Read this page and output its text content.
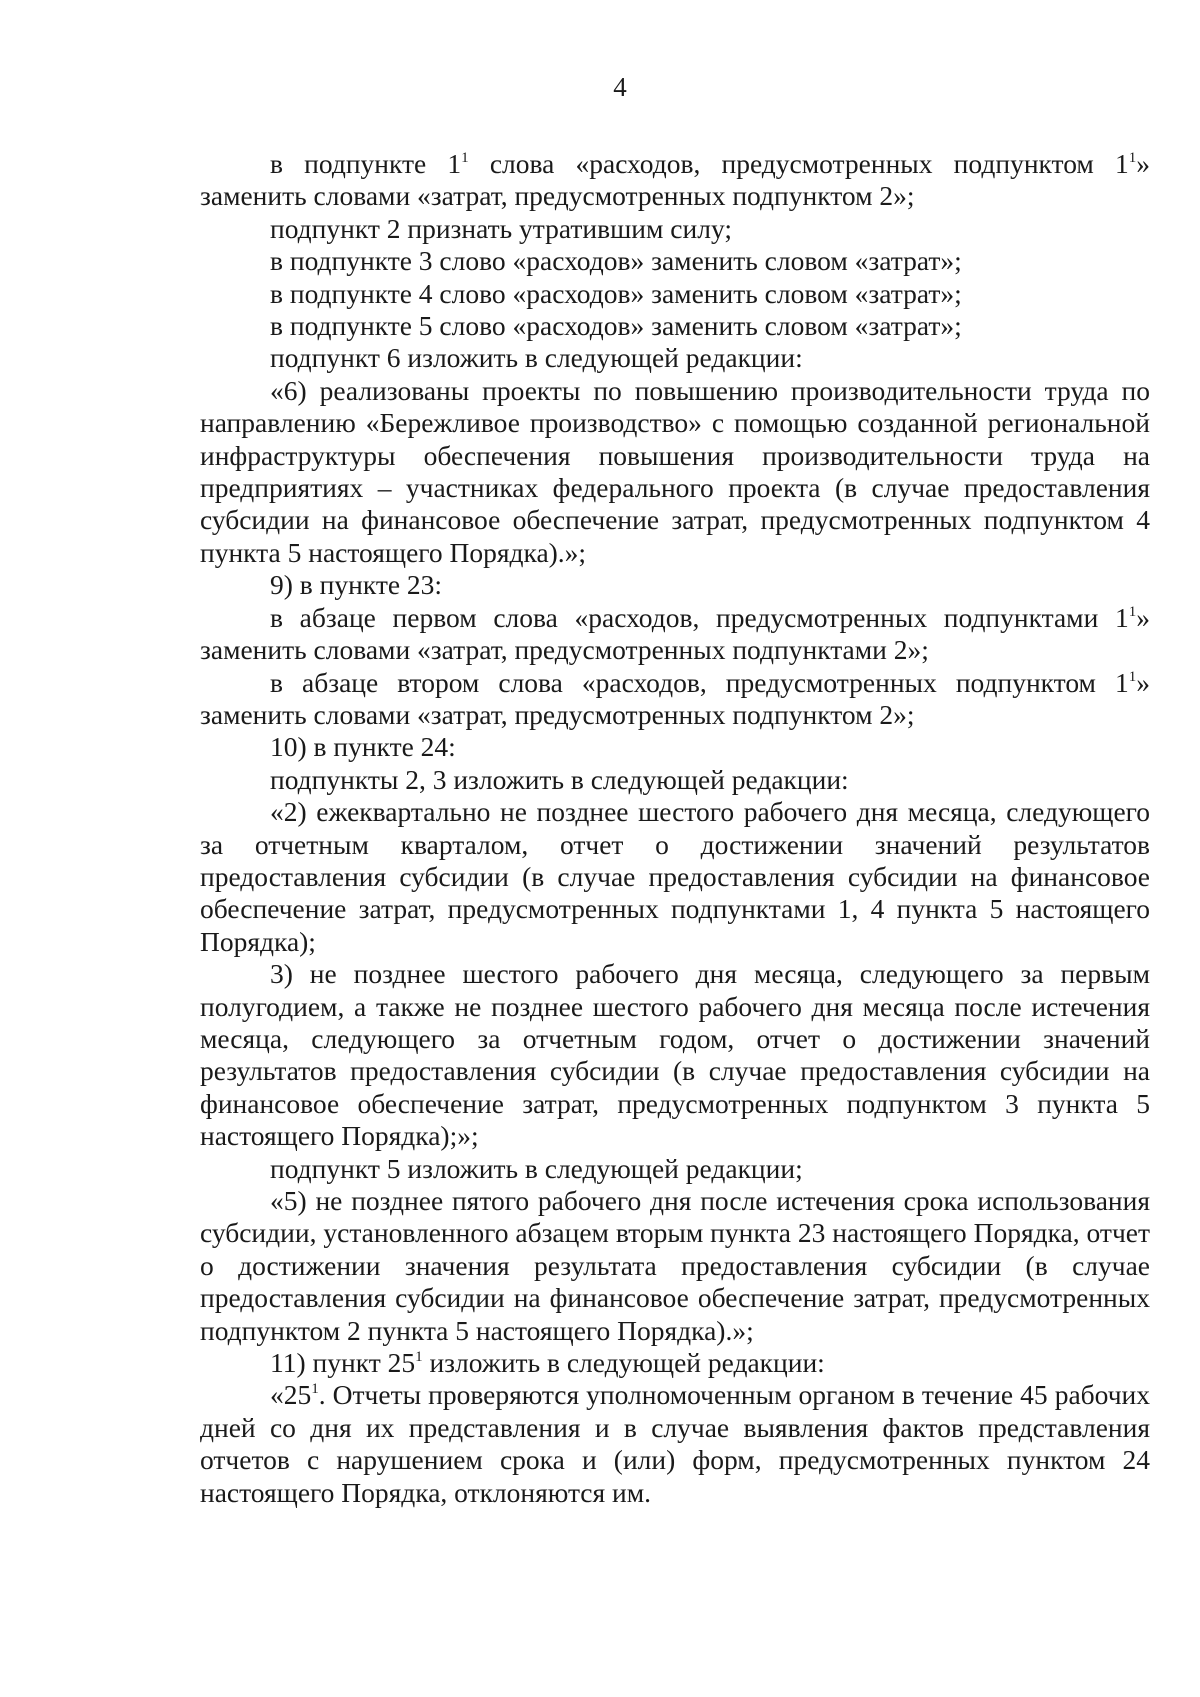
4

в подпункте $1^1$ слова «расходов, предусмотренных подпунктом $1^1$» заменить словами «затрат, предусмотренных подпунктом 2»;

подпункт 2 признать утратившим силу;

в подпункте 3 слово «расходов» заменить словом «затрат»;

в подпункте 4 слово «расходов» заменить словом «затрат»;

в подпункте 5 слово «расходов» заменить словом «затрат»;

подпункт 6 изложить в следующей редакции:

«6) реализованы проекты по повышению производительности труда по направлению «Бережливое производство» с помощью созданной региональной инфраструктуры обеспечения повышения производительности труда на предприятиях – участниках федерального проекта (в случае предоставления субсидии на финансовое обеспечение затрат, предусмотренных подпунктом 4 пункта 5 настоящего Порядка).»;

9) в пункте 23:

в абзаце первом слова «расходов, предусмотренных подпунктами $1^1$» заменить словами «затрат, предусмотренных подпунктами 2»;

в абзаце втором слова «расходов, предусмотренных подпунктом $1^1$» заменить словами «затрат, предусмотренных подпунктом 2»;

10) в пункте 24:

подпункты 2, 3 изложить в следующей редакции:

«2) ежеквартально не позднее шестого рабочего дня месяца, следующего за отчетным кварталом, отчет о достижении значений результатов предоставления субсидии (в случае предоставления субсидии на финансовое обеспечение затрат, предусмотренных подпунктами 1, 4 пункта 5 настоящего Порядка);

3) не позднее шестого рабочего дня месяца, следующего за первым полугодием, а также не позднее шестого рабочего дня месяца после истечения месяца, следующего за отчетным годом, отчет о достижении значений результатов предоставления субсидии (в случае предоставления субсидии на финансовое обеспечение затрат, предусмотренных подпунктом 3 пункта 5 настоящего Порядка);»;

подпункт 5 изложить в следующей редакции;

«5) не позднее пятого рабочего дня после истечения срока использования субсидии, установленного абзацем вторым пункта 23 настоящего Порядка, отчет о достижении значения результата предоставления субсидии (в случае предоставления субсидии на финансовое обеспечение затрат, предусмотренных подпунктом 2 пункта 5 настоящего Порядка).»;

11) пункт $25^1$ изложить в следующей редакции:

«$25^1$. Отчеты проверяются уполномоченным органом в течение 45 рабочих дней со дня их представления и в случае выявления фактов представления отчетов с нарушением срока и (или) форм, предусмотренных пунктом 24 настоящего Порядка, отклоняются им.
